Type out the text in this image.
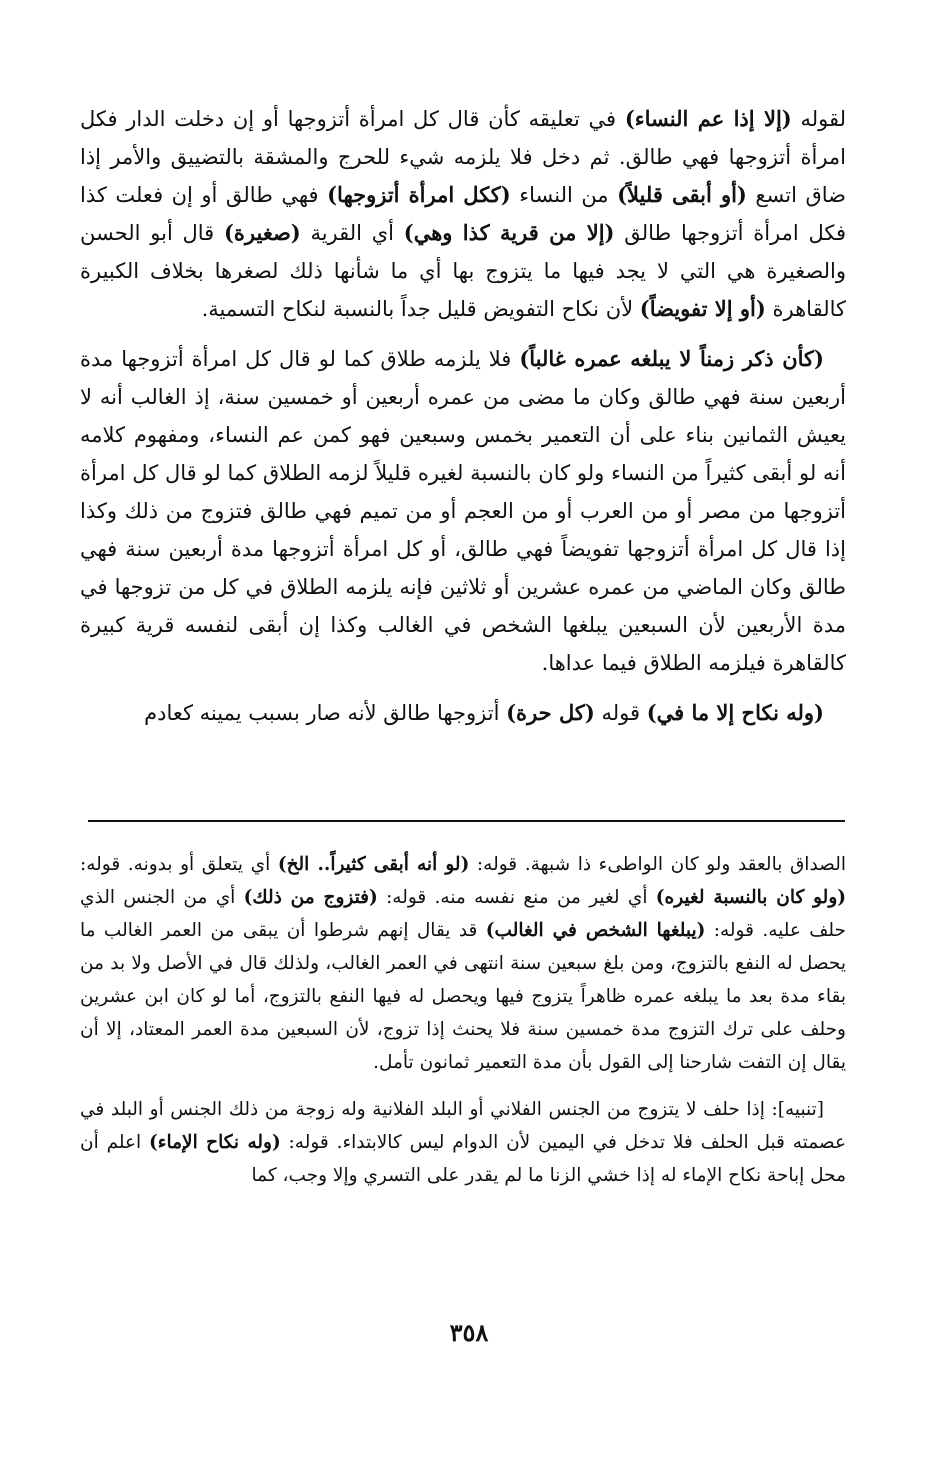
لقوله (إلا إذا عم النساء) في تعليقه كأن قال كل امرأة أتزوجها أو إن دخلت الدار فكل امرأة أتزوجها فهي طالق. ثم دخل فلا يلزمه شيء للحرج والمشقة بالتضييق والأمر إذا ضاق اتسع (أو أبقى قليلاً) من النساء (ككل امرأة أتزوجها) فهي طالق أو إن فعلت كذا فكل امرأة أتزوجها طالق (إلا من قرية كذا وهي) أي القرية (صغيرة) قال أبو الحسن والصغيرة هي التي لا يجد فيها ما يتزوج بها أي ما شأنها ذلك لصغرها بخلاف الكبيرة كالقاهرة (أو إلا تفويضاً) لأن نكاح التفويض قليل جداً بالنسبة لنكاح التسمية.

(كأن ذكر زمناً لا يبلغه عمره غالباً) فلا يلزمه طلاق كما لو قال كل امرأة أتزوجها مدة أربعين سنة فهي طالق وكان ما مضى من عمره أربعين أو خمسين سنة، إذ الغالب أنه لا يعيش الثمانين بناء على أن التعمير بخمس وسبعين فهو كمن عم النساء، ومفهوم كلامه أنه لو أبقى كثيراً من النساء ولو كان بالنسبة لغيره قليلاً لزمه الطلاق كما لو قال كل امرأة أتزوجها من مصر أو من العرب أو من العجم أو من تميم فهي طالق فتزوج من ذلك وكذا إذا قال كل امرأة أتزوجها تفويضاً فهي طالق، أو كل امرأة أتزوجها مدة أربعين سنة فهي طالق وكان الماضي من عمره عشرين أو ثلاثين فإنه يلزمه الطلاق في كل من تزوجها في مدة الأربعين لأن السبعين يبلغها الشخص في الغالب وكذا إن أبقى لنفسه قرية كبيرة كالقاهرة فيلزمه الطلاق فيما عداها.

(وله نكاح إلا ما في) قوله (كل حرة) أتزوجها طالق لأنه صار بسبب يمينه كعادم

الصداق بالعقد ولو كان الواطىء ذا شبهة. قوله: (لو أنه أبقى كثيراً.. الخ) أي يتعلق أو بدونه. قوله: (ولو كان بالنسبة لغيره) أي لغير من منع نفسه منه. قوله: (فتزوج من ذلك) أي من الجنس الذي حلف عليه. قوله: (يبلغها الشخص في الغالب) قد يقال إنهم شرطوا أن يبقى من العمر الغالب ما يحصل له النفع بالتزوج، ومن بلغ سبعين سنة انتهى في العمر الغالب، ولذلك قال في الأصل ولا بد من بقاء مدة بعد ما يبلغه عمره ظاهراً يتزوج فيها ويحصل له فيها النفع بالتزوج، أما لو كان ابن عشرين وحلف على ترك التزوج مدة خمسين سنة فلا يحنث إذا تزوج، لأن السبعين مدة العمر المعتاد، إلا أن يقال إن التفت شارحنا إلى القول بأن مدة التعمير ثمانون تأمل.

[تنبيه]: إذا حلف لا يتزوج من الجنس الفلاني أو البلد الفلانية وله زوجة من ذلك الجنس أو البلد في عصمته قبل الحلف فلا تدخل في اليمين لأن الدوام ليس كالابتداء. قوله: (وله نكاح الإماء) اعلم أن محل إباحة نكاح الإماء له إذا خشي الزنا ما لم يقدر على التسري وإلا وجب، كما

٣٥٨
